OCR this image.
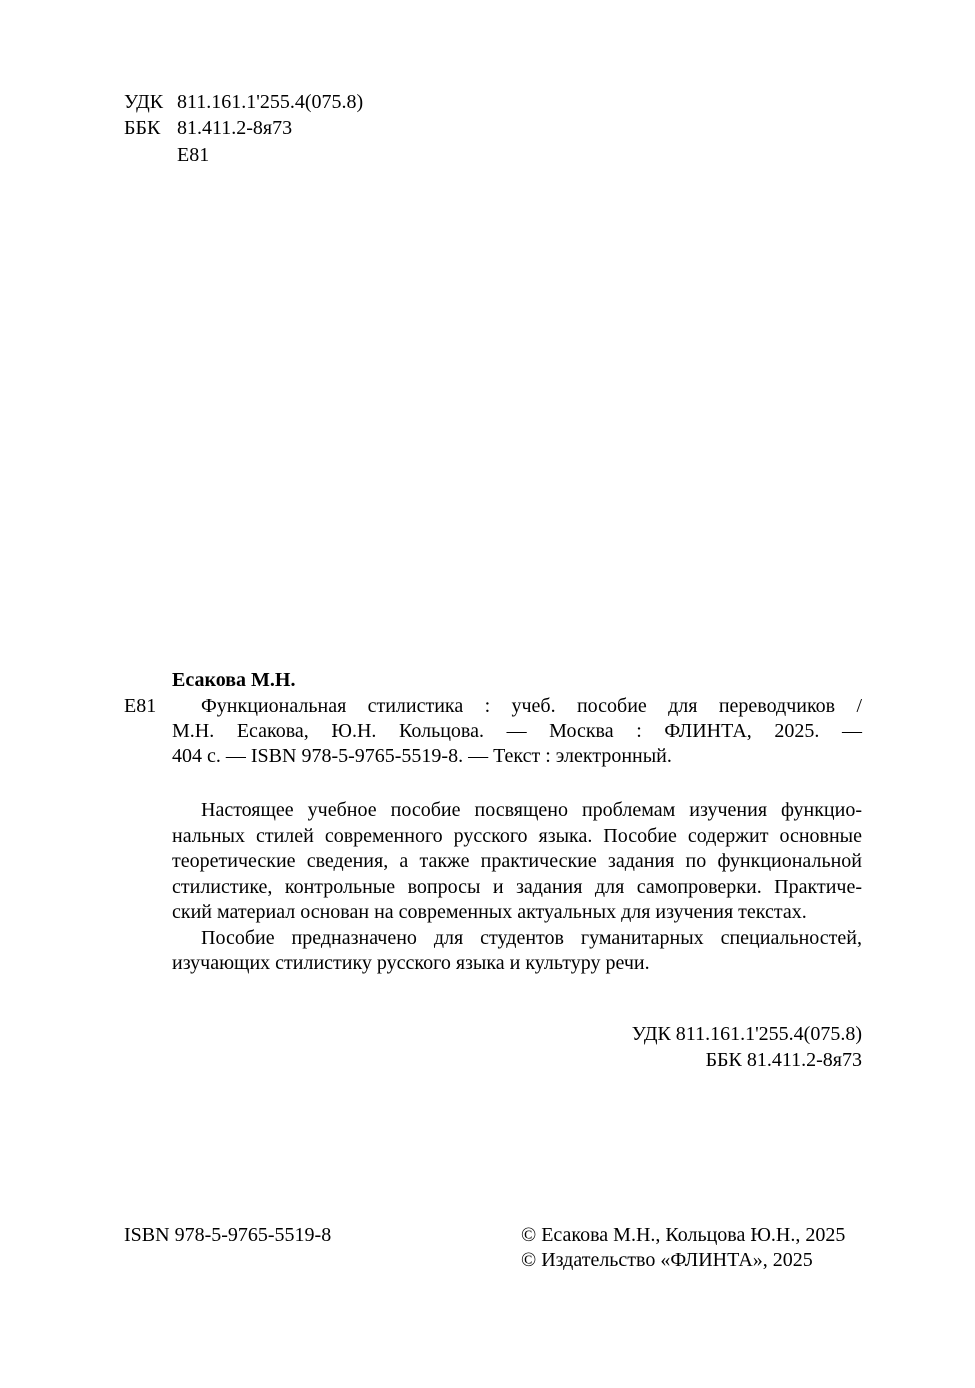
УДК 811.161.1'255.4(075.8)
ББК 81.411.2-8я73
Е81
Есакова М.Н.
Е81	Функциональная стилистика : учеб. пособие для переводчиков /
М.Н. Есакова, Ю.Н. Кольцова. — Москва : ФЛИНТА, 2025. —
404 с. — ISBN 978-5-9765-5519-8. — Текст : электронный.
Настоящее учебное пособие посвящено проблемам изучения функцио-
нальных стилей современного русского языка. Пособие содержит основные
теоретические сведения, а также практические задания по функциональной
стилистике, контрольные вопросы и задания для самопроверки. Практиче-
ский материал основан на современных актуальных для изучения текстах.
Пособие предназначено для студентов гуманитарных специальностей,
изучающих стилистику русского языка и культуру речи.
УДК 811.161.1'255.4(075.8)
ББК 81.411.2-8я73
ISBN 978-5-9765-5519-8	© Есакова М.Н., Кольцова Ю.Н., 2025
© Издательство «ФЛИНТА», 2025
